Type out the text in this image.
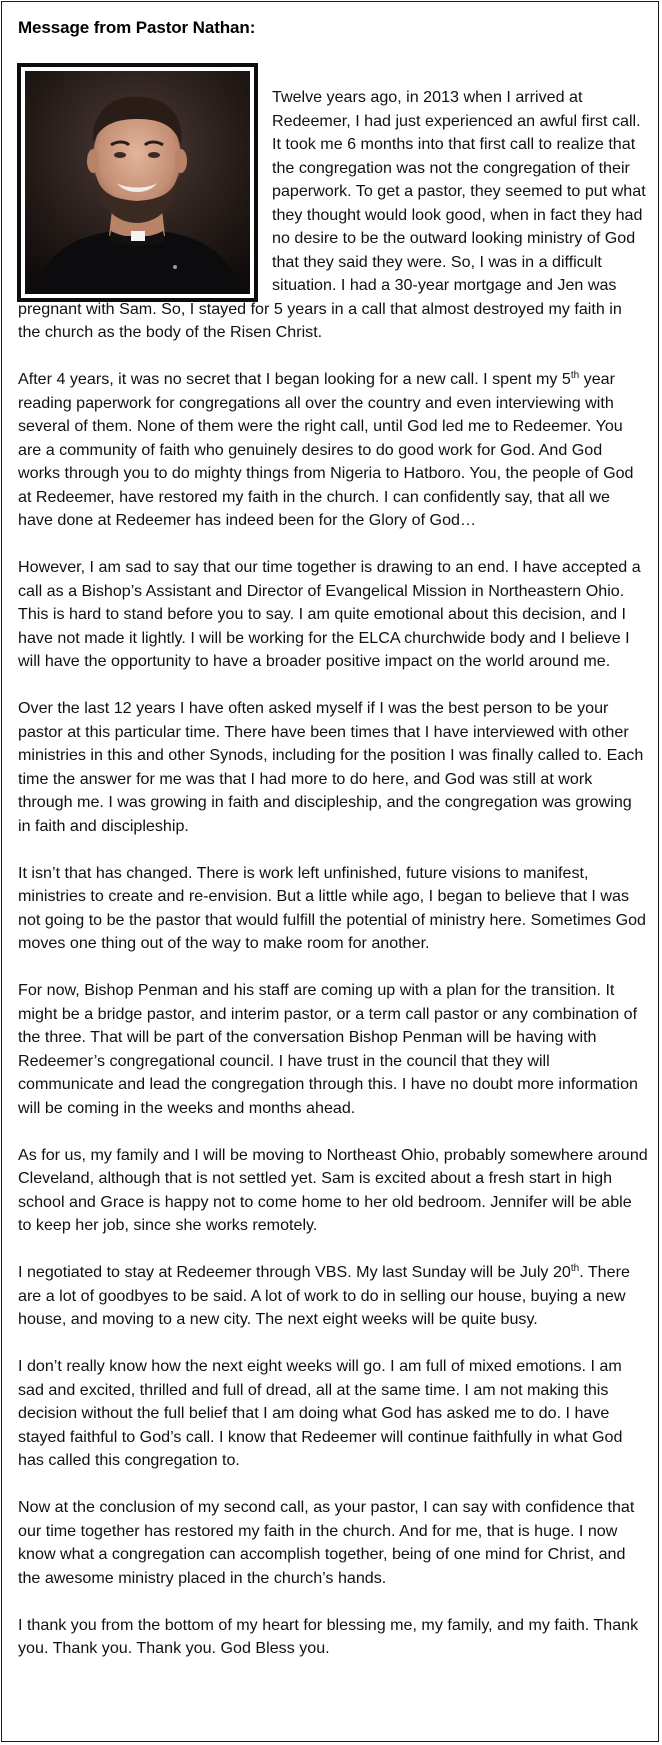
Message from Pastor Nathan:

Twelve years ago, in 2013 when I arrived at Redeemer, I had just experienced an awful first call. It took me 6 months into that first call to realize that the congregation was not the congregation of their paperwork. To get a pastor, they seemed to put what they thought would look good, when in fact they had no desire to be the outward looking ministry of God that they said they were. So, I was in a difficult situation. I had a 30-year mortgage and Jen was pregnant with Sam. So, I stayed for 5 years in a call that almost destroyed my faith in the church as the body of the Risen Christ.

After 4 years, it was no secret that I began looking for a new call. I spent my 5th year reading paperwork for congregations all over the country and even interviewing with several of them. None of them were the right call, until God led me to Redeemer. You are a community of faith who genuinely desires to do good work for God. And God works through you to do mighty things from Nigeria to Hatboro. You, the people of God at Redeemer, have restored my faith in the church. I can confidently say, that all we have done at Redeemer has indeed been for the Glory of God…

However, I am sad to say that our time together is drawing to an end. I have accepted a call as a Bishop’s Assistant and Director of Evangelical Mission in Northeastern Ohio. This is hard to stand before you to say. I am quite emotional about this decision, and I have not made it lightly. I will be working for the ELCA churchwide body and I believe I will have the opportunity to have a broader positive impact on the world around me.

Over the last 12 years I have often asked myself if I was the best person to be your pastor at this particular time. There have been times that I have interviewed with other ministries in this and other Synods, including for the position I was finally called to. Each time the answer for me was that I had more to do here, and God was still at work through me. I was growing in faith and discipleship, and the congregation was growing in faith and discipleship.

It isn’t that has changed. There is work left unfinished, future visions to manifest, ministries to create and re-envision. But a little while ago, I began to believe that I was not going to be the pastor that would fulfill the potential of ministry here. Sometimes God moves one thing out of the way to make room for another.

For now, Bishop Penman and his staff are coming up with a plan for the transition. It might be a bridge pastor, and interim pastor, or a term call pastor or any combination of the three. That will be part of the conversation Bishop Penman will be having with Redeemer’s congregational council. I have trust in the council that they will communicate and lead the congregation through this. I have no doubt more information will be coming in the weeks and months ahead.

As for us, my family and I will be moving to Northeast Ohio, probably somewhere around Cleveland, although that is not settled yet. Sam is excited about a fresh start in high school and Grace is happy not to come home to her old bedroom. Jennifer will be able to keep her job, since she works remotely.

I negotiated to stay at Redeemer through VBS. My last Sunday will be July 20th. There are a lot of goodbyes to be said. A lot of work to do in selling our house, buying a new house, and moving to a new city. The next eight weeks will be quite busy.

I don’t really know how the next eight weeks will go. I am full of mixed emotions. I am sad and excited, thrilled and full of dread, all at the same time. I am not making this decision without the full belief that I am doing what God has asked me to do. I have stayed faithful to God’s call. I know that Redeemer will continue faithfully in what God has called this congregation to.

Now at the conclusion of my second call, as your pastor, I can say with confidence that our time together has restored my faith in the church. And for me, that is huge. I now know what a congregation can accomplish together, being of one mind for Christ, and the awesome ministry placed in the church’s hands.

I thank you from the bottom of my heart for blessing me, my family, and my faith. Thank you. Thank you. Thank you. God Bless you.
